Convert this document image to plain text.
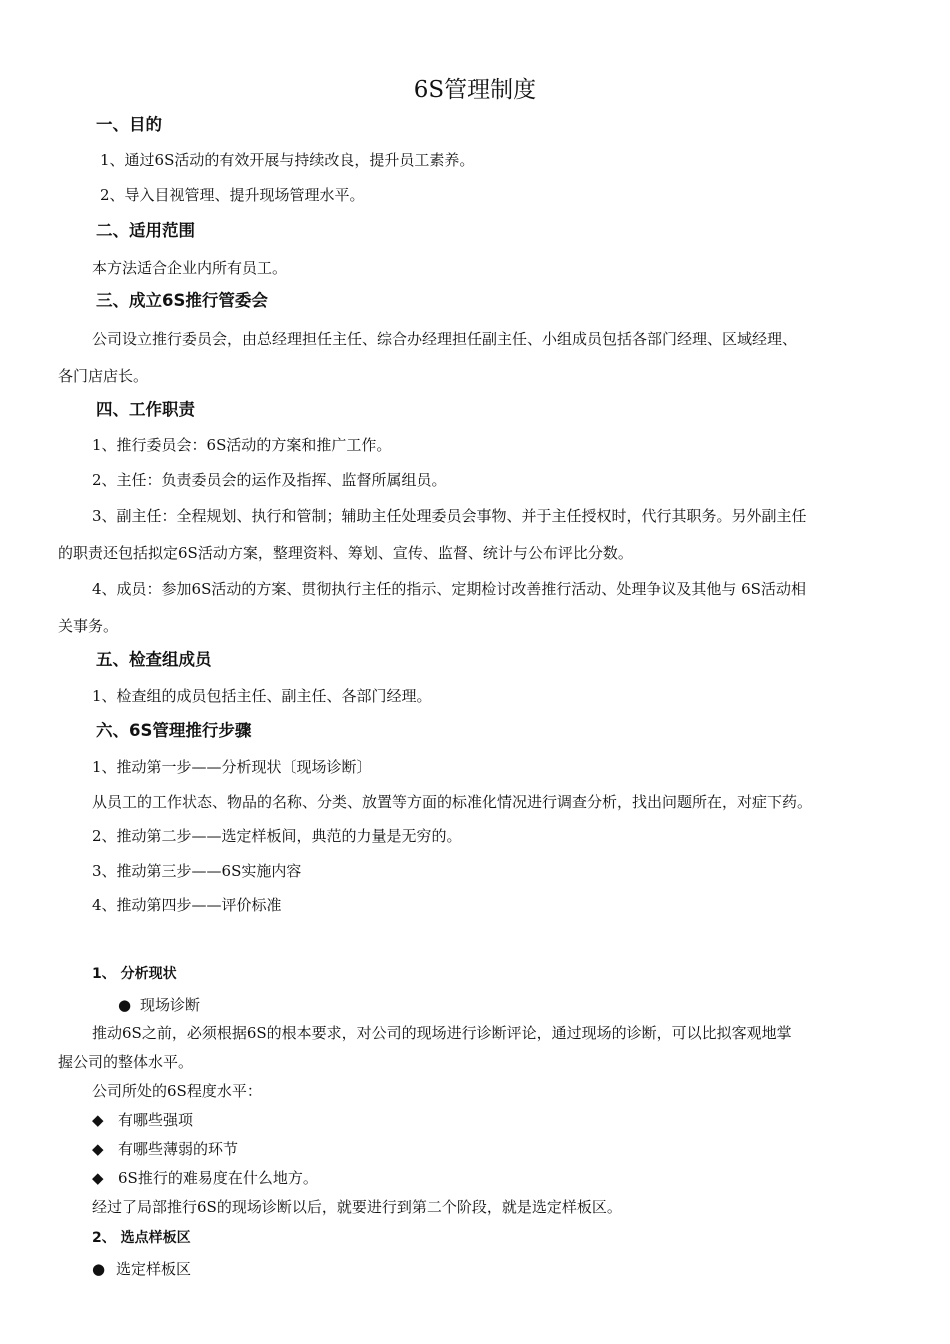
6S管理制度
一、目的
1、通过6S活动的有效开展与持续改良，提升员工素养。
2、导入目视管理、提升现场管理水平。
二、适用范围
本方法适合企业内所有员工。
三、成立6S推行管委会
公司设立推行委员会，由总经理担任主任、综合办经理担任副主任、小组成员包括各部门经理、区域经理、
各门店店长。
四、工作职责
1、推行委员会：6S活动的方案和推广工作。
2、主任：负责委员会的运作及指挥、监督所属组员。
3、副主任：全程规划、执行和管制；辅助主任处理委员会事物、并于主任授权时，代行其职务。另外副主任
的职责还包括拟定6S活动方案，整理资料、筹划、宣传、监督、统计与公布评比分数。
4、成员：参加6S活动的方案、贯彻执行主任的指示、定期检讨改善推行活动、处理争议及其他与 6S活动相
关事务。
五、检查组成员
1、检查组的成员包括主任、副主任、各部门经理。
六、6S管理推行步骤
1、推动第一步——分析现状〔现场诊断〕
从员工的工作状态、物品的名称、分类、放置等方面的标准化情况进行调查分析，找出问题所在，对症下药。
2、推动第二步——选定样板间，典范的力量是无穷的。
3、推动第三步——6S实施内容
4、推动第四步——评价标准
1、 分析现状
● 现场诊断
推动6S之前，必须根据6S的根本要求，对公司的现场进行诊断评论，通过现场的诊断，可以比拟客观地掌
握公司的整体水平。
公司所处的6S程度水平：
◆ 有哪些强项
◆ 有哪些薄弱的环节
◆ 6S推行的难易度在什么地方。
经过了局部推行6S的现场诊断以后，就要进行到第二个阶段，就是选定样板区。
2、 选点样板区
● 选定样板区
